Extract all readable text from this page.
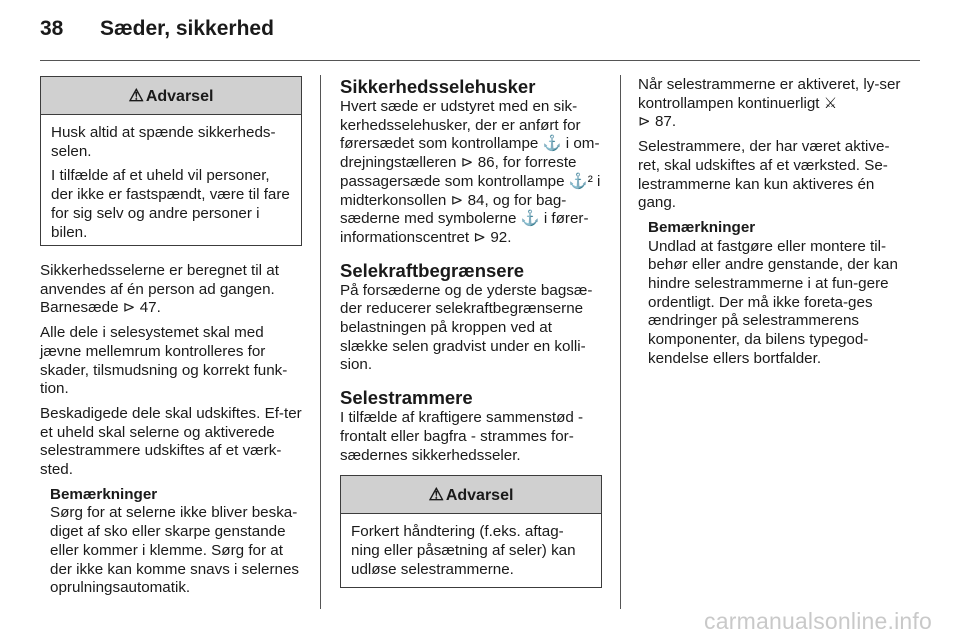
38 Sæder, sikkerhed
⚠ Advarsel

Husk altid at spænde sikkerheds-selen.

I tilfælde af et uheld vil personer, der ikke er fastspændt, være til fare for sig selv og andre personer i bilen.

Sikkerhedsselerne er beregnet til at anvendes af én person ad gangen. Barnesæde ⊳ 47.

Alle dele i selesystemet skal med jævne mellemrum kontrolleres for skader, tilsmudsning og korrekt funk-tion.

Beskadigede dele skal udskiftes. Ef-ter et uheld skal selerne og aktiverede selestrammere udskiftes af et værk-sted.

Bemærkninger
Sørg for at selerne ikke bliver beska-diget af sko eller skarpe genstande eller kommer i klemme. Sørg for at der ikke kan komme snavs i selernes oprulningsautomatik.
Sikkerhedsselehusker

Hvert sæde er udstyret med en sik-kerhedsselehusker, der er anført for førersædet som kontrollampe ⚓ i om-drejningstælleren ⊳ 86, for forreste passagersæde som kontrollampe ⚓² i midterkonsollen ⊳ 84, og for bag-sæderne med symbolerne ⚓ i fører-informationscentret ⊳ 92.

Selekraftbegrænsere

På forsæderne og de yderste bagsæ-der reducerer selekraftbegrænserne belastningen på kroppen ved at slække selen gradvist under en kolli-sion.

Selestrammere

I tilfælde af kraftigere sammenstød - frontalt eller bagfra - strammes for-sædernes sikkerhedsseler.

⚠ Advarsel

Forkert håndtering (f.eks. aftag-ning eller påsætning af seler) kan udløse selestrammerne.

Når selestrammerne er aktiveret, ly-ser kontrollampen kontinuerligt ⚔
⊳ 87.

Selestrammere, der har været aktive-ret, skal udskiftes af et værksted. Se-lestrammerne kan kun aktiveres én gang.

Bemærkninger
Undlad at fastgøre eller montere til-behør eller andre genstande, der kan hindre selestrammerne i at fun-gere ordentligt. Der må ikke foreta-ges ændringer på selestrammerens komponenter, da bilens typegod-kendelse ellers bortfalder.
carmanualsonline.info
